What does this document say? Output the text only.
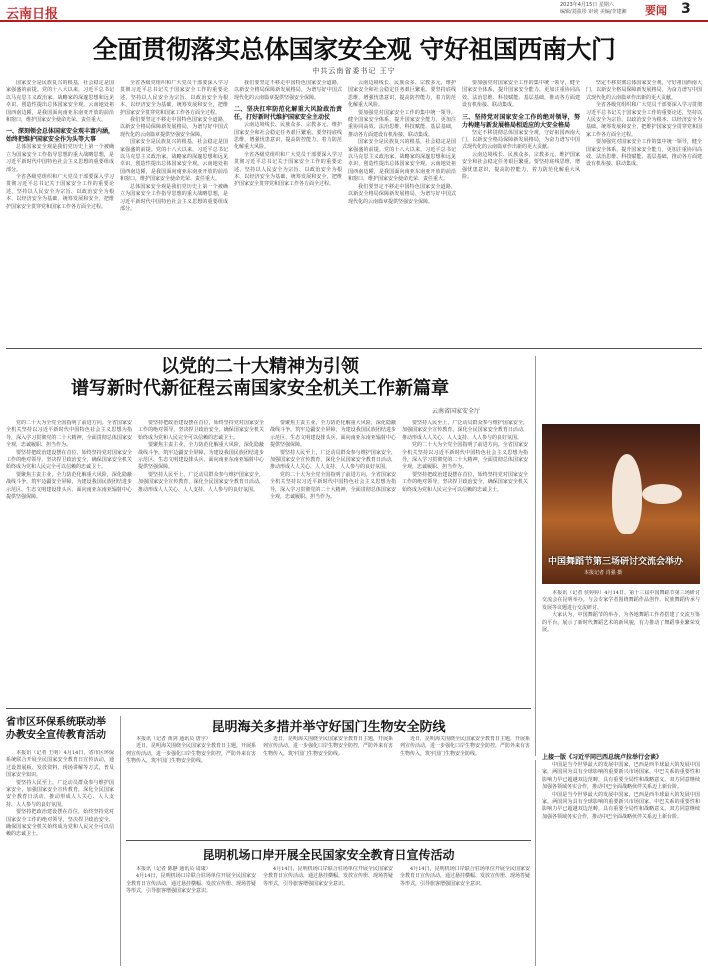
云南日报
2023年4月15日 星期六
编辑/刘盈彤 审读 美编/李建湘 要闻 3
全面贯彻落实总体国家安全观 守好祖国西南大门
中共云南省委书记 王宁

国家安全是民族复兴的根基，社会稳定是国家强盛的前提。党的十八大以来，习近平总书记以马克思主义政治家、战略家的深邃思想和远见卓识，创造性提出总体国家安全观。云南地处祖国西南边陲，是我国面向南亚东南亚开放的前沿和窗口，维护国家安全使命光荣、责任重大。

一、深刻领会总体国家安全观丰富内涵，始终把维护国家安全作为头等大事

总体国家安全观是我们党历史上第一个被确立为国家安全工作指导思想的重大战略思想，是习近平新时代中国特色社会主义思想的重要组成部分。

全省各级党组织和广大党员干部要深入学习贯彻习近平总书记关于国家安全工作的重要论述，坚持以人民安全为宗旨、以政治安全为根本、以经济安全为基础，统筹发展和安全，把维护国家安全贯穿党和国家工作各方面全过程。

全省各级党组织和广大党员干部要深入学习贯彻习近平总书记关于国家安全工作的重要论述，坚持以人民安全为宗旨、以政治安全为根本、以经济安全为基础，统筹发展和安全，把维护国家安全贯穿党和国家工作各方面全过程。

我们要坚定不移走中国特色国家安全道路，以新安全格局保障新发展格局，为谱写好中国式现代化的云南篇章提供坚强安全保障。

国家安全是民族复兴的根基，社会稳定是国家强盛的前提。党的十八大以来，习近平总书记以马克思主义政治家、战略家的深邃思想和远见卓识，创造性提出总体国家安全观。云南地处祖国西南边陲，是我国面向南亚东南亚开放的前沿和窗口，维护国家安全使命光荣、责任重大。

总体国家安全观是我们党历史上第一个被确立为国家安全工作指导思想的重大战略思想，是习近平新时代中国特色社会主义思想的重要组成部分。

我们要坚定不移走中国特色国家安全道路，以新安全格局保障新发展格局，为谱写好中国式现代化的云南篇章提供坚强安全保障。

二、坚决扛牢防范化解重大风险政治责任，打好新时代维护国家安全主动仗

云南边境线长、民族众多、宗教多元，维护国家安全和社会稳定任务艰巨繁重。要坚持底线思维，增强忧患意识，提高防控能力，着力防范化解重大风险。

全省各级党组织和广大党员干部要深入学习贯彻习近平总书记关于国家安全工作的重要论述，坚持以人民安全为宗旨、以政治安全为根本、以经济安全为基础，统筹发展和安全，把维护国家安全贯穿党和国家工作各方面全过程。

云南边境线长、民族众多、宗教多元，维护国家安全和社会稳定任务艰巨繁重。要坚持底线思维，增强忧患意识，提高防控能力，着力防范化解重大风险。

要加强党对国家安全工作的集中统一领导，健全国家安全体系，提升国家安全能力，更加注重协同高效、法治思维、科技赋能、基层基础，推动各方面建设有机衔接、联动集成。

国家安全是民族复兴的根基，社会稳定是国家强盛的前提。党的十八大以来，习近平总书记以马克思主义政治家、战略家的深邃思想和远见卓识，创造性提出总体国家安全观。云南地处祖国西南边陲，是我国面向南亚东南亚开放的前沿和窗口，维护国家安全使命光荣、责任重大。

我们要坚定不移走中国特色国家安全道路，以新安全格局保障新发展格局，为谱写好中国式现代化的云南篇章提供坚强安全保障。

要加强党对国家安全工作的集中统一领导，健全国家安全体系，提升国家安全能力，更加注重协同高效、法治思维、科技赋能、基层基础，推动各方面建设有机衔接、联动集成。

三、坚持党对国家安全工作的绝对领导，努力构建与新发展格局相适应的大安全格局

坚定不移贯彻总体国家安全观，守好祖国西南大门，以新安全格局保障新发展格局，为奋力谱写中国式现代化的云南篇章作出新的更大贡献。

云南边境线长、民族众多、宗教多元，维护国家安全和社会稳定任务艰巨繁重。要坚持底线思维，增强忧患意识，提高防控能力，着力防范化解重大风险。

坚定不移贯彻总体国家安全观，守好祖国西南大门，以新安全格局保障新发展格局，为奋力谱写中国式现代化的云南篇章作出新的更大贡献。

全省各级党组织和广大党员干部要深入学习贯彻习近平总书记关于国家安全工作的重要论述，坚持以人民安全为宗旨、以政治安全为根本、以经济安全为基础，统筹发展和安全，把维护国家安全贯穿党和国家工作各方面全过程。

要加强党对国家安全工作的集中统一领导，健全国家安全体系，提升国家安全能力，更加注重协同高效、法治思维、科技赋能、基层基础，推动各方面建设有机衔接、联动集成。

以党的二十大精神为引领
谱写新时代新征程云南国家安全机关工作新篇章
云南省国家安全厅

党的二十大为全党全国指明了前进方向。全省国家安全机关坚持以习近平新时代中国特色社会主义思想为指导，深入学习贯彻党的二十大精神，全面贯彻总体国家安全观，忠诚履职、担当作为。

要坚持把政治建设摆在首位，始终坚持党对国家安全工作的绝对领导，坚决捍卫政治安全，确保国家安全机关始终成为党和人民完全可以信赖的忠诚卫士。

要聚焦主责主业，全力防范化解重大风险，深化隐蔽战线斗争，筑牢边疆安全屏障，为建设我国民族团结进步示范区、生态文明建设排头兵、面向南亚东南亚辐射中心提供坚强保障。

要坚持把政治建设摆在首位，始终坚持党对国家安全工作的绝对领导，坚决捍卫政治安全，确保国家安全机关始终成为党和人民完全可以信赖的忠诚卫士。

要聚焦主责主业，全力防范化解重大风险，深化隐蔽战线斗争，筑牢边疆安全屏障，为建设我国民族团结进步示范区、生态文明建设排头兵、面向南亚东南亚辐射中心提供坚强保障。

要坚持人民至上，广泛动员群众参与维护国家安全，加强国家安全宣传教育，深化全民国家安全教育日活动，推动形成人人关心、人人支持、人人参与的良好氛围。

要聚焦主责主业，全力防范化解重大风险，深化隐蔽战线斗争，筑牢边疆安全屏障，为建设我国民族团结进步示范区、生态文明建设排头兵、面向南亚东南亚辐射中心提供坚强保障。

要坚持人民至上，广泛动员群众参与维护国家安全，加强国家安全宣传教育，深化全民国家安全教育日活动，推动形成人人关心、人人支持、人人参与的良好氛围。

党的二十大为全党全国指明了前进方向。全省国家安全机关坚持以习近平新时代中国特色社会主义思想为指导，深入学习贯彻党的二十大精神，全面贯彻总体国家安全观，忠诚履职、担当作为。

要坚持人民至上，广泛动员群众参与维护国家安全，加强国家安全宣传教育，深化全民国家安全教育日活动，推动形成人人关心、人人支持、人人参与的良好氛围。

党的二十大为全党全国指明了前进方向。全省国家安全机关坚持以习近平新时代中国特色社会主义思想为指导，深入学习贯彻党的二十大精神，全面贯彻总体国家安全观，忠诚履职、担当作为。

要坚持把政治建设摆在首位，始终坚持党对国家安全工作的绝对领导，坚决捍卫政治安全，确保国家安全机关始终成为党和人民完全可以信赖的忠诚卫士。

中国舞蹈节第三场研讨交流会举办
本报记者 肖强 摄

本报讯（记者 侯婷婷）4月14日，第十三届中国舞蹈节第三场研讨交流会在昆明举办。与会专家学者围绕舞蹈作品创作、民族舞蹈传承与发展等议题进行交流研讨。

大家认为，中国舞蹈节的举办，为各地舞蹈工作者搭建了交流互鉴的平台，展示了新时代舞蹈艺术的新风貌，有力推动了舞蹈事业繁荣发展。

省市区环保系统联动举办教安全宣传教育活动

本报讯（记者 王明）4月14日，省市区环保系统联合开展全民国家安全教育日宣传活动，通过设置展板、发放资料、现场讲解等方式，普及国家安全知识。

要坚持人民至上，广泛动员群众参与维护国家安全，加强国家安全宣传教育，深化全民国家安全教育日活动，推动形成人人关心、人人支持、人人参与的良好氛围。

要坚持把政治建设摆在首位，始终坚持党对国家安全工作的绝对领导，坚决捍卫政治安全，确保国家安全机关始终成为党和人民完全可以信赖的忠诚卫士。

昆明海关多措并举守好国门生物安全防线

本报讯（记者 黄剑 通讯员 唐宇）

近日，昆明海关围绕全民国家安全教育日主题，开展系列宣传活动，进一步强化口岸生物安全防控，严防外来有害生物传入，筑牢国门生物安全防线。

近日，昆明海关围绕全民国家安全教育日主题，开展系列宣传活动，进一步强化口岸生物安全防控，严防外来有害生物传入，筑牢国门生物安全防线。

近日，昆明海关围绕全民国家安全教育日主题，开展系列宣传活动，进一步强化口岸生物安全防控，严防外来有害生物传入，筑牢国门生物安全防线。

昆明机场口岸开展全民国家安全教育日宣传活动

本报讯（记者 陈静 通讯员 周康）

4月14日，昆明机场口岸联合驻场单位开展全民国家安全教育日宣传活动，通过悬挂横幅、发放宣传册、现场答疑等形式，引导旅客增强国家安全意识。

4月14日，昆明机场口岸联合驻场单位开展全民国家安全教育日宣传活动，通过悬挂横幅、发放宣传册、现场答疑等形式，引导旅客增强国家安全意识。

4月14日，昆明机场口岸联合驻场单位开展全民国家安全教育日宣传活动，通过悬挂横幅、发放宣传册、现场答疑等形式，引导旅客增强国家安全意识。

上接一版《习近平同巴西总统卢拉举行会谈》

中国是当今世界最大的发展中国家，巴西是西半球最大的发展中国家，两国同为具有全球影响的重要新兴市场国家，中巴关系的重要性和影响力早已超越双边范畴，具有重要全局性和战略意义。双方同意继续加强各领域务实合作，推动中巴全面战略伙伴关系迈上新台阶。

中国是当今世界最大的发展中国家，巴西是西半球最大的发展中国家，两国同为具有全球影响的重要新兴市场国家，中巴关系的重要性和影响力早已超越双边范畴，具有重要全局性和战略意义。双方同意继续加强各领域务实合作，推动中巴全面战略伙伴关系迈上新台阶。
